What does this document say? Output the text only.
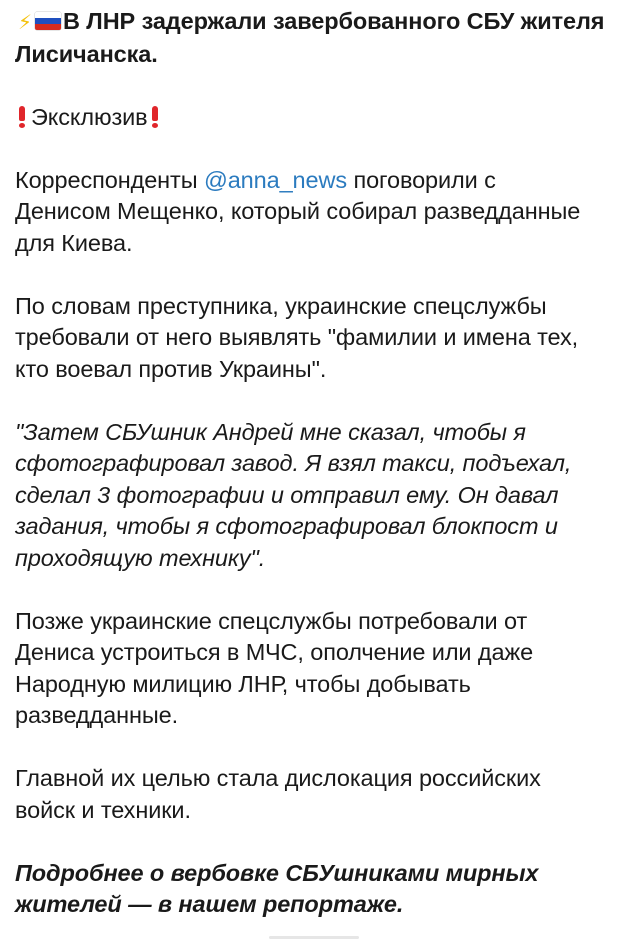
⚡ В ЛНР задержали завербованного СБУ жителя
Лисичанска.
Эксклюзив
Корреспонденты @anna_news поговорили с
Денисом Мещенко, который собирал разведданные
для Киева.
По словам преступника, украинские спецслужбы
требовали от него выявлять "фамилии и имена тех,
кто воевал против Украины".
"Затем СБУшник Андрей мне сказал, чтобы я
сфотографировал завод. Я взял такси, подъехал,
сделал 3 фотографии и отправил ему. Он давал
задания, чтобы я сфотографировал блокпост и
проходящую технику".
Позже украинские спецслужбы потребовали от
Дениса устроиться в МЧС, ополчение или даже
Народную милицию ЛНР, чтобы добывать
разведданные.
Главной их целью стала дислокация российских
войск и техники.
Подробнее о вербовке СБУшниками мирных
жителей — в нашем репортаже.
